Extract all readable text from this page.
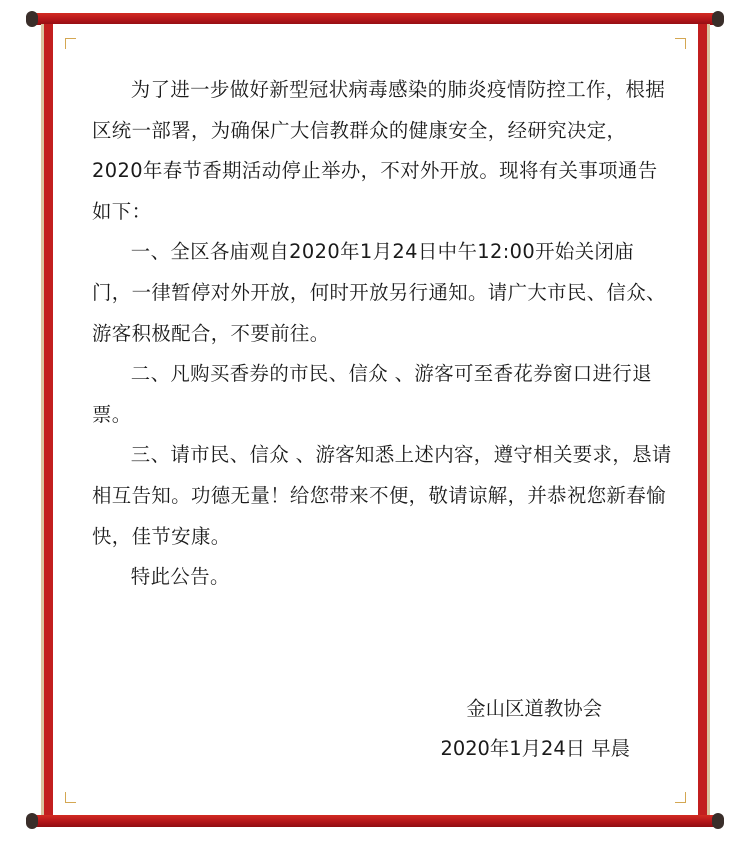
为了进一步做好新型冠状病毒感染的肺炎疫情防控工作，根据区统一部署，为确保广大信教群众的健康安全，经研究决定，2020年春节香期活动停止举办，不对外开放。现将有关事项通告如下：

一、全区各庙观自2020年1月24日中午12:00开始关闭庙门，一律暂停对外开放，何时开放另行通知。请广大市民、信众、游客积极配合，不要前往。

二、凡购买香券的市民、信众 、游客可至香花券窗口进行退票。

三、请市民、信众 、游客知悉上述内容，遵守相关要求，恳请相互告知。功德无量！给您带来不便，敬请谅解，并恭祝您新春愉快，佳节安康。

特此公告。

金山区道教协会
2020年1月24日 早晨
